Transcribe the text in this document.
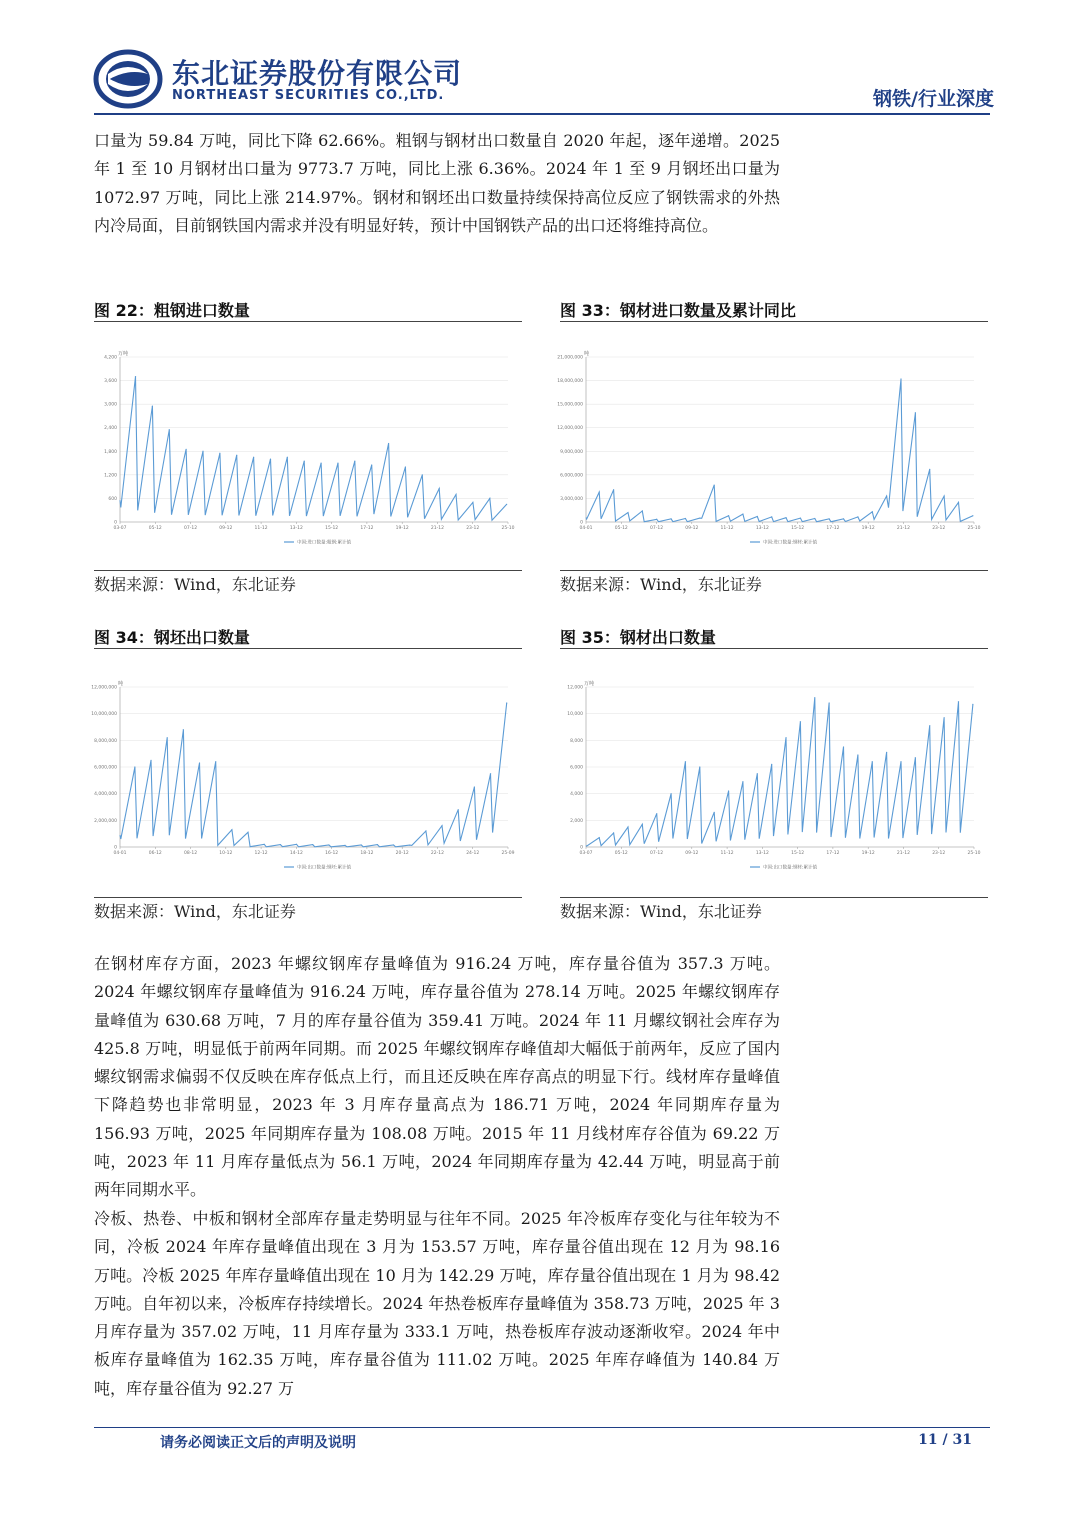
东北证券股份有限公司
NORTHEAST SECURITIES CO.,LTD.	钢铁/行业深度
口量为 59.84 万吨，同比下降 62.66%。粗钢与钢材出口数量自 2020 年起，逐年递增。2025 年 1 至 10 月钢材出口量为 9773.7 万吨，同比上涨 6.36%。2024 年 1 至 9 月钢坯出口量为 1072.97 万吨，同比上涨 214.97%。钢材和钢坯出口数量持续保持高位反应了钢铁需求的外热内冷局面，目前钢铁国内需求并没有明显好转，预计中国钢铁产品的出口还将维持高位。
图 22：粗钢进口数量
万吨
0
600
1,200
1,800
2,400
3,000
3,600
4,200
03-07	05-12	07-12	09-12	11-12	13-12	15-12	17-12	19-12	21-12	23-12	25-10
中国:进口数量:粗钢:累计值
数据来源：Wind，东北证券
图 33：钢材进口数量及累计同比
吨
0
3,000,000
6,000,000
9,000,000
12,000,000
15,000,000
18,000,000
21,000,000
04-01	05-12	07-12	09-12	11-12	13-12	15-12	17-12	19-12	21-12	23-12	25-10
中国:进口数量:钢材:累计值
数据来源：Wind，东北证券
图 34：钢坯出口数量
吨
0
2,000,000
4,000,000
6,000,000
8,000,000
10,000,000
12,000,000
04-01	06-12	08-12	10-12	12-12	14-12	16-12	18-12	20-12	22-12	24-12	25-09
中国:出口数量:钢坯:累计值
数据来源：Wind，东北证券
图 35：钢材出口数量
万吨
0
2,000
4,000
6,000
8,000
10,000
12,000
03-07	05-12	07-12	09-12	11-12	13-12	15-12	17-12	19-12	21-12	23-12	25-10
中国:出口数量:钢材:累计值
数据来源：Wind，东北证券
在钢材库存方面，2023 年螺纹钢库存量峰值为 916.24 万吨，库存量谷值为 357.3 万吨。2024 年螺纹钢库存量峰值为 916.24 万吨，库存量谷值为 278.14 万吨。2025 年螺纹钢库存量峰值为 630.68 万吨，7 月的库存量谷值为 359.41 万吨。2024 年 11 月螺纹钢社会库存为 425.8 万吨，明显低于前两年同期。而 2025 年螺纹钢库存峰值却大幅低于前两年，反应了国内螺纹钢需求偏弱不仅反映在库存低点上行，而且还反映在库存高点的明显下行。线材库存量峰值下降趋势也非常明显，2023 年 3 月库存量高点为 186.71 万吨，2024 年同期库存量为 156.93 万吨，2025 年同期库存量为 108.08 万吨。2015 年 11 月线材库存谷值为 69.22 万吨，2023 年 11 月库存量低点为 56.1 万吨，2024 年同期库存量为 42.44 万吨，明显高于前两年同期水平。
冷板、热卷、中板和钢材全部库存量走势明显与往年不同。2025 年冷板库存变化与往年较为不同，冷板 2024 年库存量峰值出现在 3 月为 153.57 万吨，库存量谷值出现在 12 月为 98.16 万吨。冷板 2025 年库存量峰值出现在 10 月为 142.29 万吨，库存量谷值出现在 1 月为 98.42 万吨。自年初以来，冷板库存持续增长。2024 年热卷板库存量峰值为 358.73 万吨，2025 年 3 月库存量为 357.02 万吨，11 月库存量为 333.1 万吨，热卷板库存波动逐渐收窄。2024 年中板库存量峰值为 162.35 万吨，库存量谷值为 111.02 万吨。2025 年库存峰值为 140.84 万吨，库存量谷值为 92.27 万
请务必阅读正文后的声明及说明	11 / 31
